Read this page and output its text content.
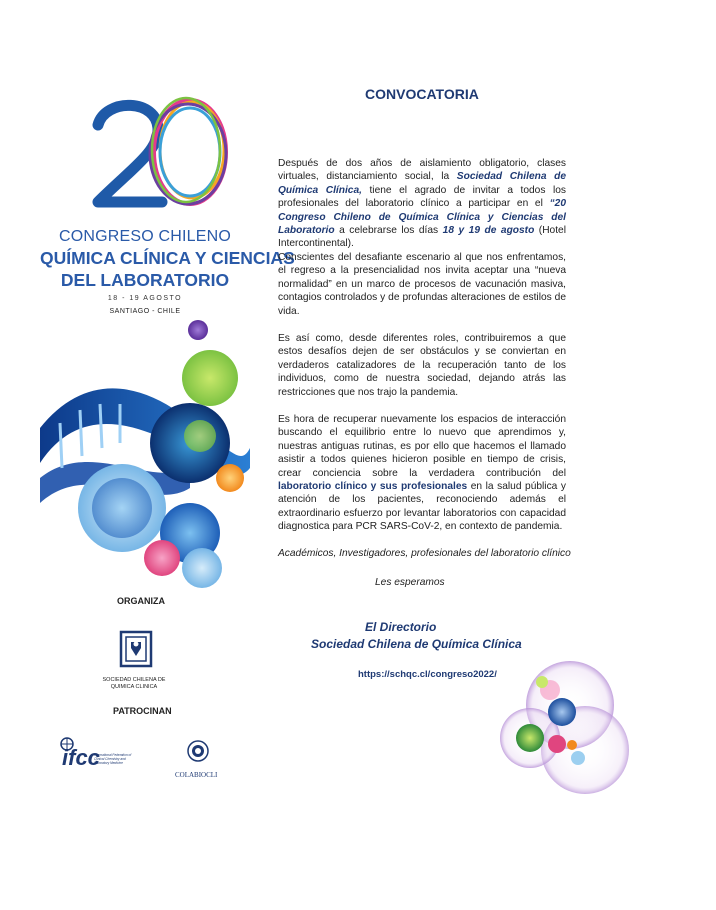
CONGRESO CHILENO
QUÍMICA CLÍNICA Y CIENCIAS
DEL LABORATORIO
18 - 19 AGOSTO
SANTIAGO - CHILE
ORGANIZA
SOCIEDAD CHILENA DE
QUIMICA CLINICA
PATROCINAN
ifcc
International Federation of Clinical Chemistry and Laboratory Medicine
COLABIOCLI
CONVOCATORIA
Después de dos años de aislamiento obligatorio, clases virtuales, distanciamiento social, la Sociedad Chilena de Química Clínica, tiene el agrado de invitar a todos los profesionales del laboratorio clínico a participar en el “20 Congreso Chileno de Química Clínica y Ciencias del Laboratorio a celebrarse los días 18 y 19 de agosto (Hotel Intercontinental).
Conscientes del desafiante escenario al que nos enfrentamos, el regreso a la presencialidad nos invita aceptar una “nueva normalidad” en un marco de procesos de vacunación masiva, contagios controlados y de profundas alteraciones de estilos de vida.
Es así como, desde diferentes roles, contribuiremos a que estos desafíos dejen de ser obstáculos y se conviertan en verdaderos catalizadores de la recuperación tanto de los individuos, como de nuestra sociedad, dejando atrás las restricciones que nos trajo la pandemia.
Es hora de recuperar nuevamente los espacios de interacción buscando el equilibrio entre lo nuevo que aprendimos y, nuestras antiguas rutinas, es por ello que hacemos el llamado asistir a todos quienes hicieron posible en tiempo de crisis, crear conciencia sobre la verdadera contribución del laboratorio clínico y sus profesionales en la salud pública y atención de los pacientes, reconociendo además el extraordinario esfuerzo por levantar laboratorios con capacidad diagnostica para PCR SARS-CoV-2, en contexto de pandemia.
Académicos, Investigadores, profesionales del laboratorio clínico
Les esperamos
El Directorio
Sociedad Chilena de Química Clínica
https://schqc.cl/congreso2022/
